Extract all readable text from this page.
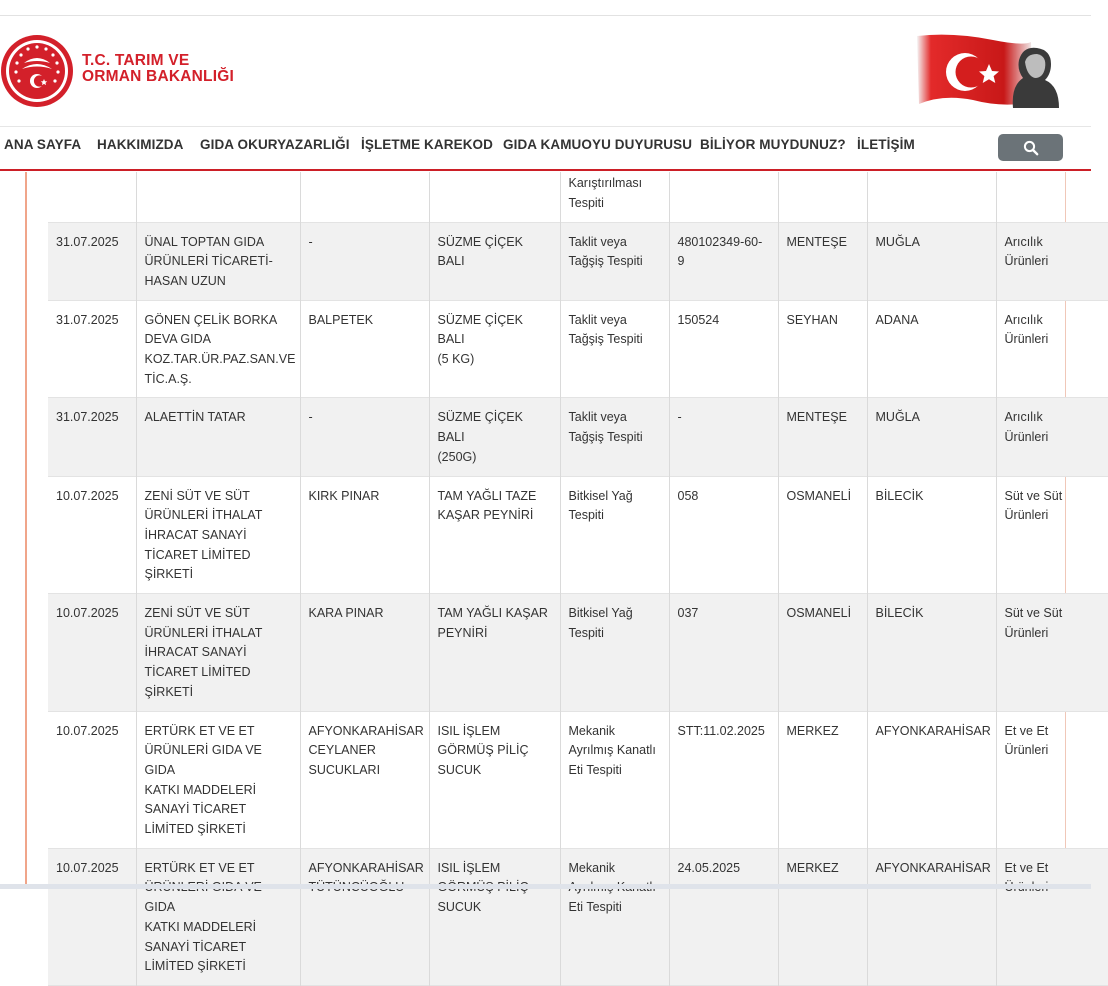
T.C. TARIM VE
ORMAN BAKANLIĞI
ANA SAYFA HAKKIMIZDA GIDA OKURYAZARLIĞI İŞLETME KAREKOD GIDA KAMUOYU DUYURUSU BİLİYOR MUYDUNUZ? İLETİŞİM
				Karıştırılması
Tespiti				
31.07.2025	ÜNAL TOPTAN GIDA
ÜRÜNLERİ TİCARETİ-
HASAN UZUN	-	SÜZME ÇİÇEK BALI	Taklit veya
Tağşiş Tespiti	480102349-60-
9	MENTEŞE	MUĞLA	Arıcılık
Ürünleri
31.07.2025	GÖNEN ÇELİK BORKA
DEVA GIDA
KOZ.TAR.ÜR.PAZ.SAN.VE
TİC.A.Ş.	BALPETEK	SÜZME ÇİÇEK BALI
(5 KG)	Taklit veya
Tağşiş Tespiti	150524	SEYHAN	ADANA	Arıcılık
Ürünleri
31.07.2025	ALAETTİN TATAR	-	SÜZME ÇİÇEK BALI
(250G)	Taklit veya
Tağşiş Tespiti	-	MENTEŞE	MUĞLA	Arıcılık
Ürünleri
10.07.2025	ZENİ SÜT VE SÜT
ÜRÜNLERİ İTHALAT
İHRACAT SANAYİ
TİCARET LİMİTED
ŞİRKETİ	KIRK PINAR	TAM YAĞLI TAZE
KAŞAR PEYNİRİ	Bitkisel Yağ
Tespiti	058	OSMANELİ	BİLECİK	Süt ve Süt
Ürünleri
10.07.2025	ZENİ SÜT VE SÜT
ÜRÜNLERİ İTHALAT
İHRACAT SANAYİ
TİCARET LİMİTED
ŞİRKETİ	KARA PINAR	TAM YAĞLI KAŞAR
PEYNİRİ	Bitkisel Yağ
Tespiti	037	OSMANELİ	BİLECİK	Süt ve Süt
Ürünleri
10.07.2025	ERTÜRK ET VE ET
ÜRÜNLERİ GIDA VE GIDA
KATKI MADDELERİ
SANAYİ TİCARET
LİMİTED ŞİRKETİ	AFYONKARAHİSAR
CEYLANER
SUCUKLARI	ISIL İŞLEM
GÖRMÜŞ PİLİÇ
SUCUK	Mekanik
Ayrılmış Kanatlı
Eti Tespiti	STT:11.02.2025	MERKEZ	AFYONKARAHİSAR	Et ve Et
Ürünleri
10.07.2025	ERTÜRK ET VE ET
GIDA
KATKI MADDELERİ
SANAYİ TİCARET
LİMİTED ŞİRKETİ	AFYONKARAHİSAR	ISIL İŞLEM

SUCUK	Mekanik

Eti Tespiti	24.05.2025	MERKEZ	AFYONKARAHİSAR	Et ve Et
